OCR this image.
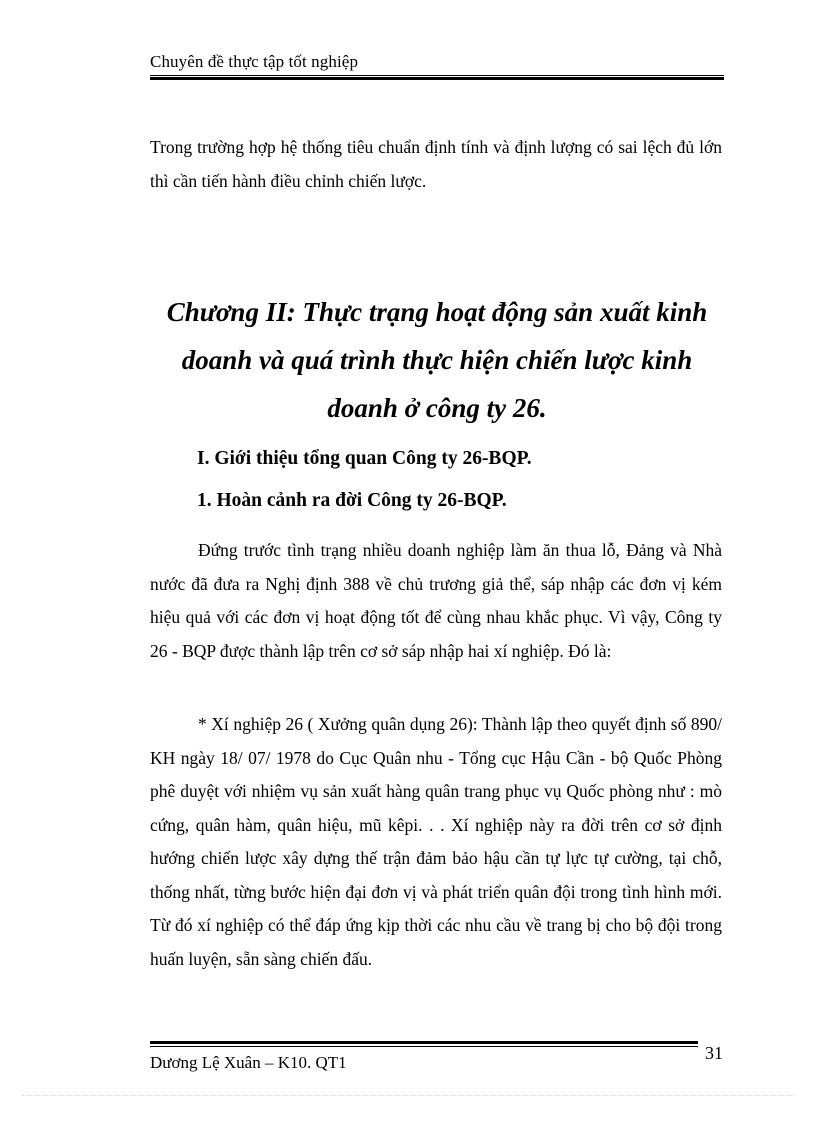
Chuyên đề thực tập tốt nghiệp

Trong trường hợp hệ thống tiêu chuẩn định tính và định lượng có sai lệch đủ lớn thì cần tiến hành điều chỉnh chiến lược.

Chương II: Thực trạng hoạt động sản xuất kinh
doanh và quá trình thực hiện chiến lược kinh
doanh ở công ty 26.
I. Giới thiệu tổng quan Công ty 26-BQP.
1. Hoàn cảnh ra đời Công ty 26-BQP.

Đứng trước tình trạng nhiều doanh nghiệp làm ăn thua lỗ, Đảng và Nhà nước đã đưa ra Nghị định 388 về chủ trương giả thể, sáp nhập các đơn vị kém hiệu quả với các đơn vị hoạt động tốt để cùng nhau khắc phục. Vì vậy, Công ty 26 - BQP được thành lập trên cơ sở sáp nhập hai xí nghiệp. Đó là:

* Xí nghiệp 26 ( Xưởng quân dụng 26): Thành lập theo quyết định số 890/ KH ngày 18/ 07/ 1978 do Cục Quân nhu - Tổng cục Hậu Cần - bộ Quốc Phòng phê duyệt với nhiệm vụ sản xuất hàng quân trang phục vụ Quốc phòng như : mò cứng, quân hàm, quân hiệu, mũ kêpi. . . Xí nghiệp này ra đời trên cơ sở định hướng chiến lược xây dựng thế trận đảm bảo hậu cần tự lực tự cường, tại chỗ, thống nhất, từng bước hiện đại đơn vị và phát triển quân đội trong tình hình mới. Từ đó xí nghiệp có thể đáp ứng kịp thời các nhu cầu về trang bị cho bộ đội trong huấn luyện, sẵn sàng chiến đấu.

Dương Lệ Xuân – K10. QT1	31
